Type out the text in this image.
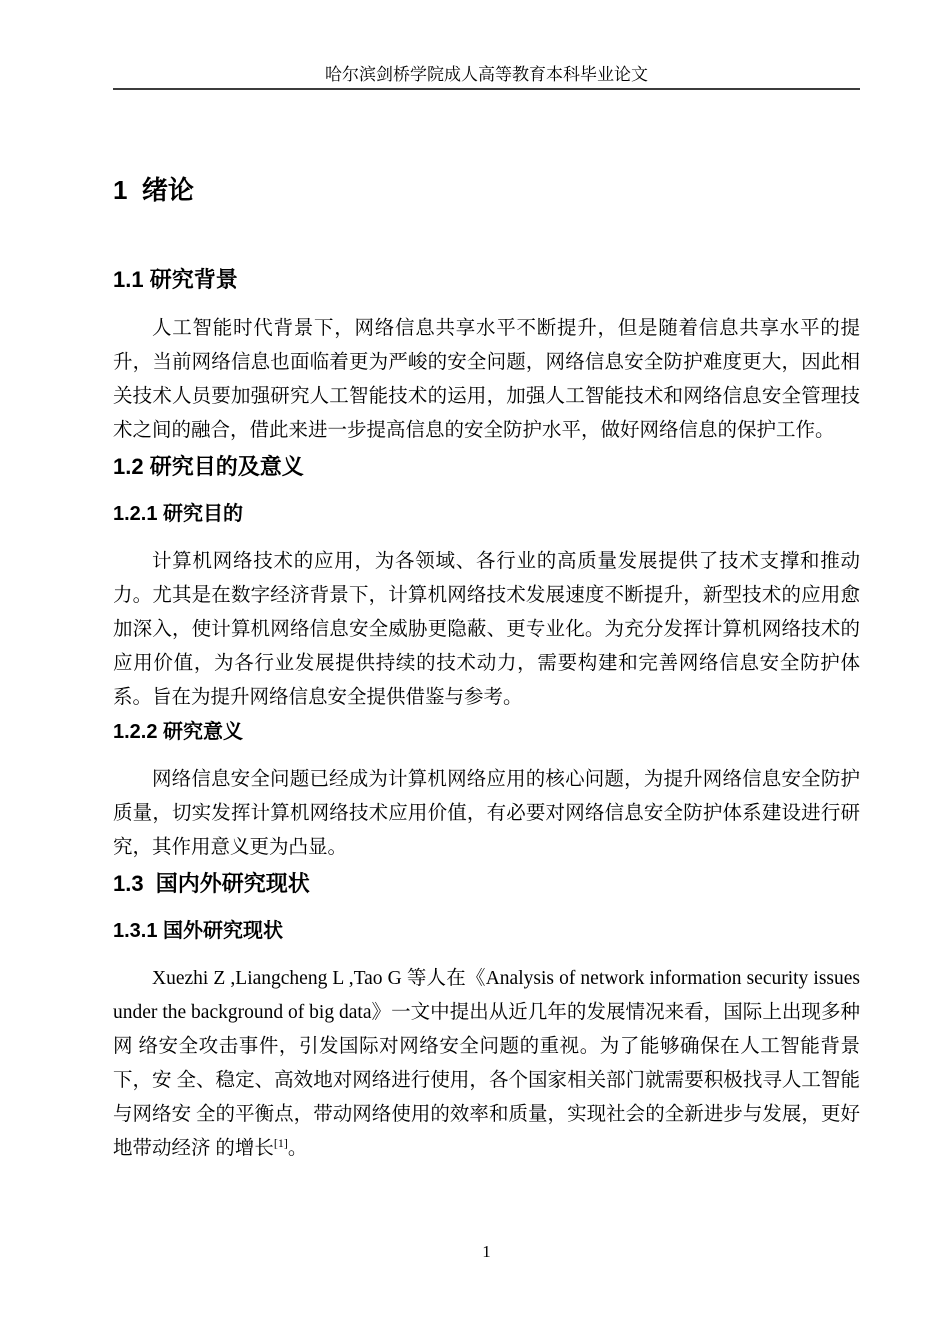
哈尔滨剑桥学院成人高等教育本科毕业论文
1  绪论
1.1 研究背景

人工智能时代背景下，网络信息共享水平不断提升，但是随着信息共享水平的提升，当前网络信息也面临着更为严峻的安全问题，网络信息安全防护难度更大，因此相关技术人员要加强研究人工智能技术的运用，加强人工智能技术和网络信息安全管理技术之间的融合，借此来进一步提高信息的安全防护水平，做好网络信息的保护工作。

1.2 研究目的及意义
1.2.1 研究目的

计算机网络技术的应用，为各领域、各行业的高质量发展提供了技术支撑和推动力。尤其是在数字经济背景下，计算机网络技术发展速度不断提升，新型技术的应用愈加深入，使计算机网络信息安全威胁更隐蔽、更专业化。为充分发挥计算机网络技术的应用价值，为各行业发展提供持续的技术动力，需要构建和完善网络信息安全防护体系。旨在为提升网络信息安全提供借鉴与参考。

1.2.2 研究意义

网络信息安全问题已经成为计算机网络应用的核心问题，为提升网络信息安全防护质量，切实发挥计算机网络技术应用价值，有必要对网络信息安全防护体系建设进行研究，其作用意义更为凸显。

1.3  国内外研究现状
1.3.1 国外研究现状

Xuezhi Z ,Liangcheng L ,Tao G 等人在《Analysis of network information security issues under the background of big data》一文中提出从近几年的发展情况来看，国际上出现多种网 络安全攻击事件，引发国际对网络安全问题的重视。为了能够确保在人工智能背景下，安 全、稳定、高效地对网络进行使用，各个国家相关部门就需要积极找寻人工智能与网络安 全的平衡点，带动网络使用的效率和质量，实现社会的全新进步与发展，更好地带动经济 的增长[1]。

1
